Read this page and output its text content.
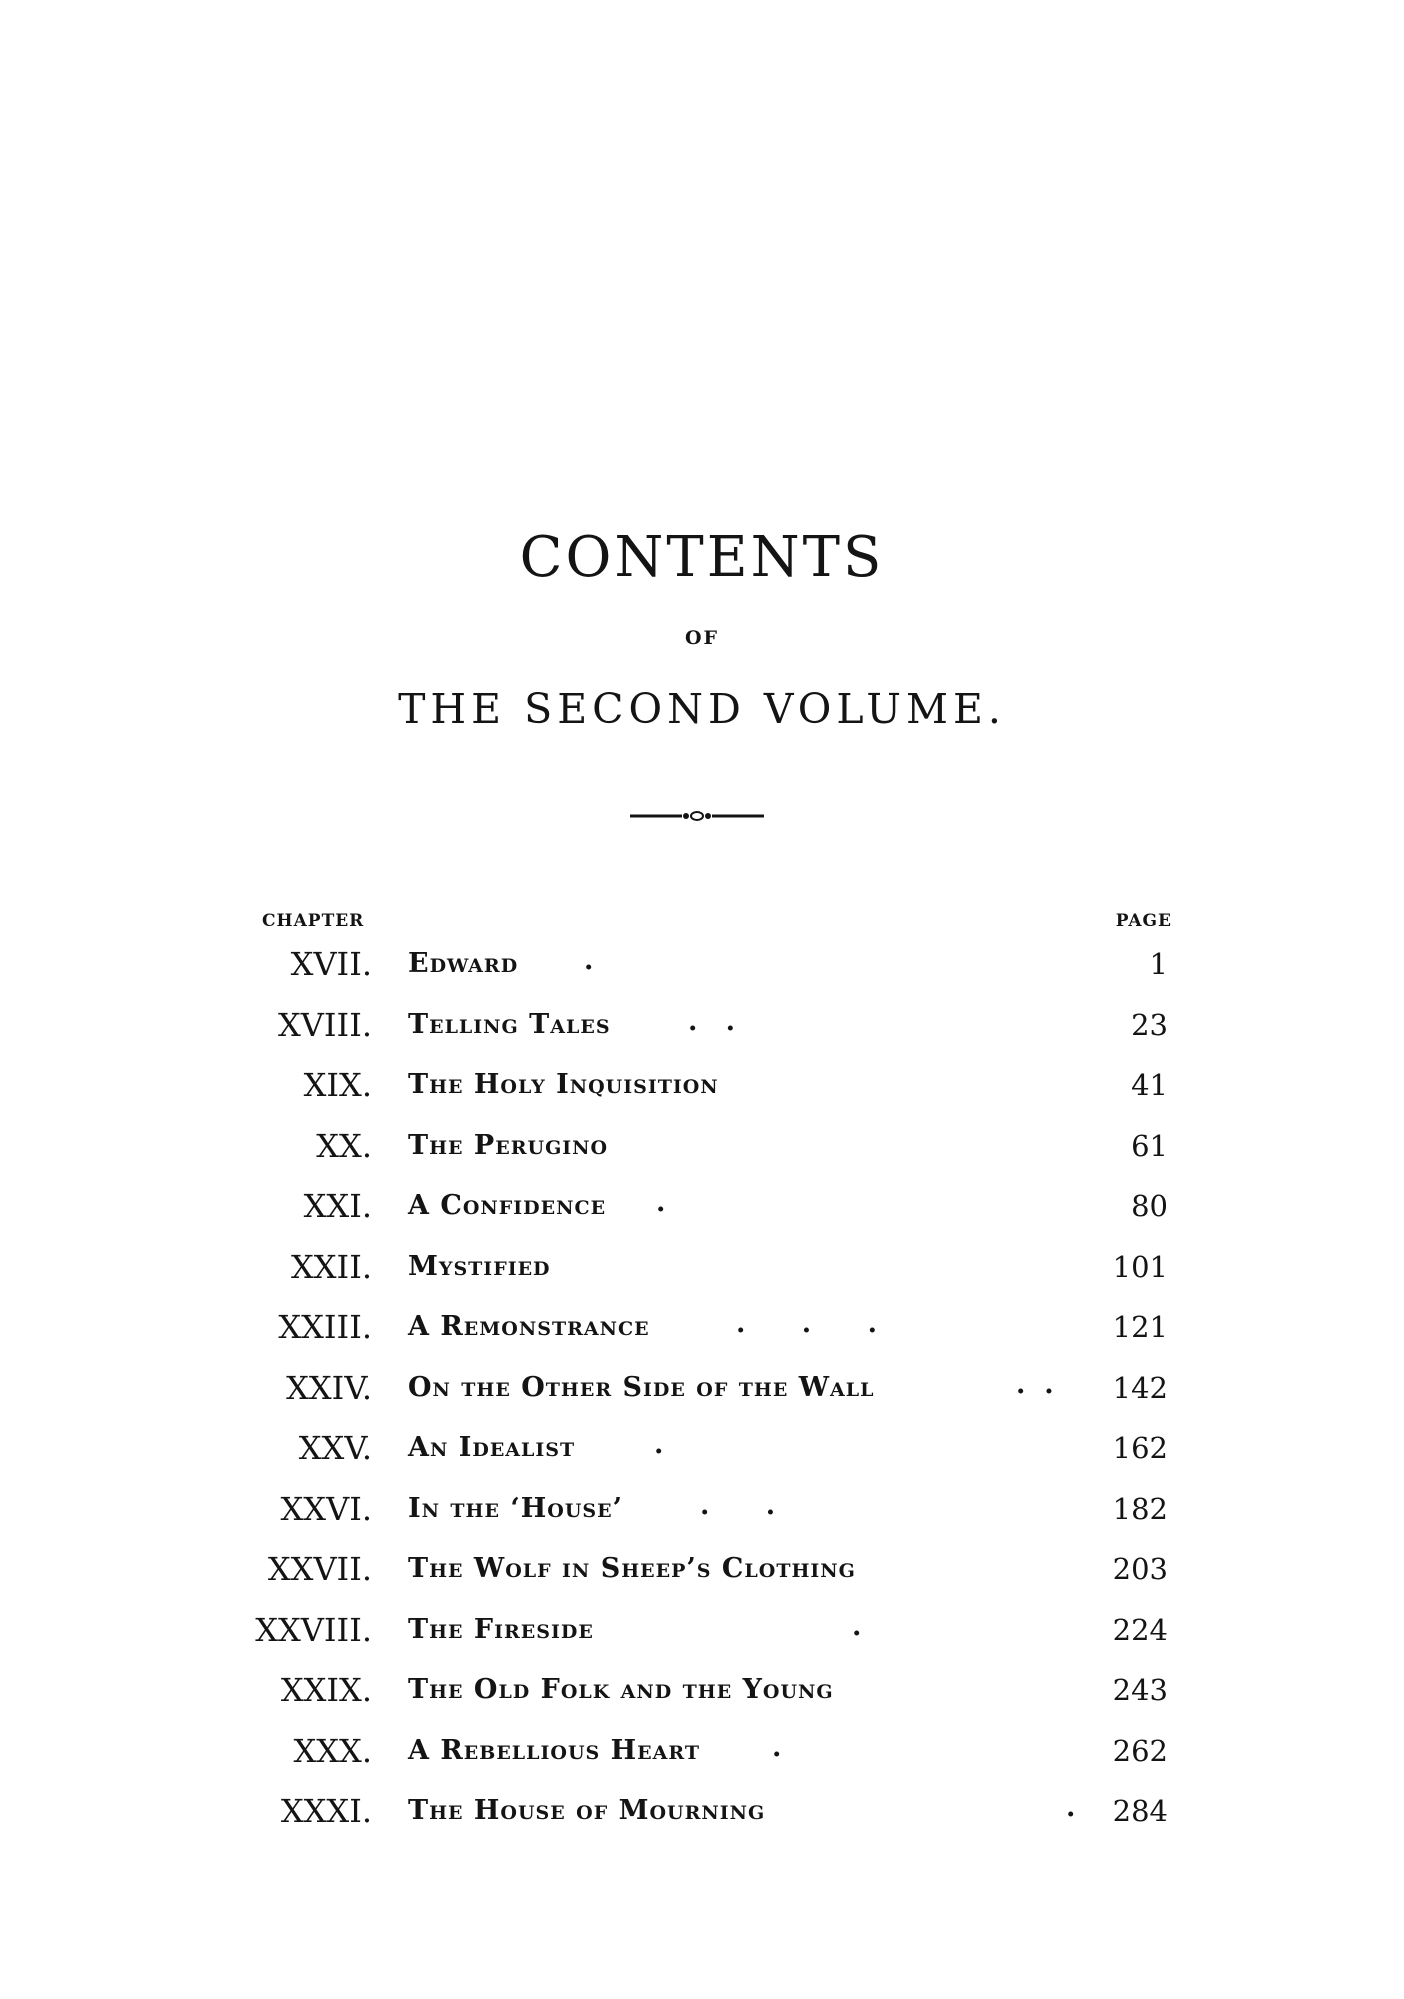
CONTENTS
OF
THE SECOND VOLUME.
CHAPTER	PAGE
XVII. Edward .	1
XVIII. Telling Tales	.   .	23
XIX. The Holy Inquisition	41
XX. The Perugino	61
XXI. A Confidence .	80
XXII. Mystified	101
XXIII. A Remonstrance	.      .      .	121
XXIV. On the Other Side of the Wall	.  . 142
XXV. An Idealist	.	162
XXVI. In the ‘House’	.      .	182
XXVII. The Wolf in Sheep’s Clothing	203
XXVIII. The Fireside	.	224
XXIX. The Old Folk and the Young	243
XXX. A Rebellious Heart	.	262
XXXI. The House of Mourning	. 284
